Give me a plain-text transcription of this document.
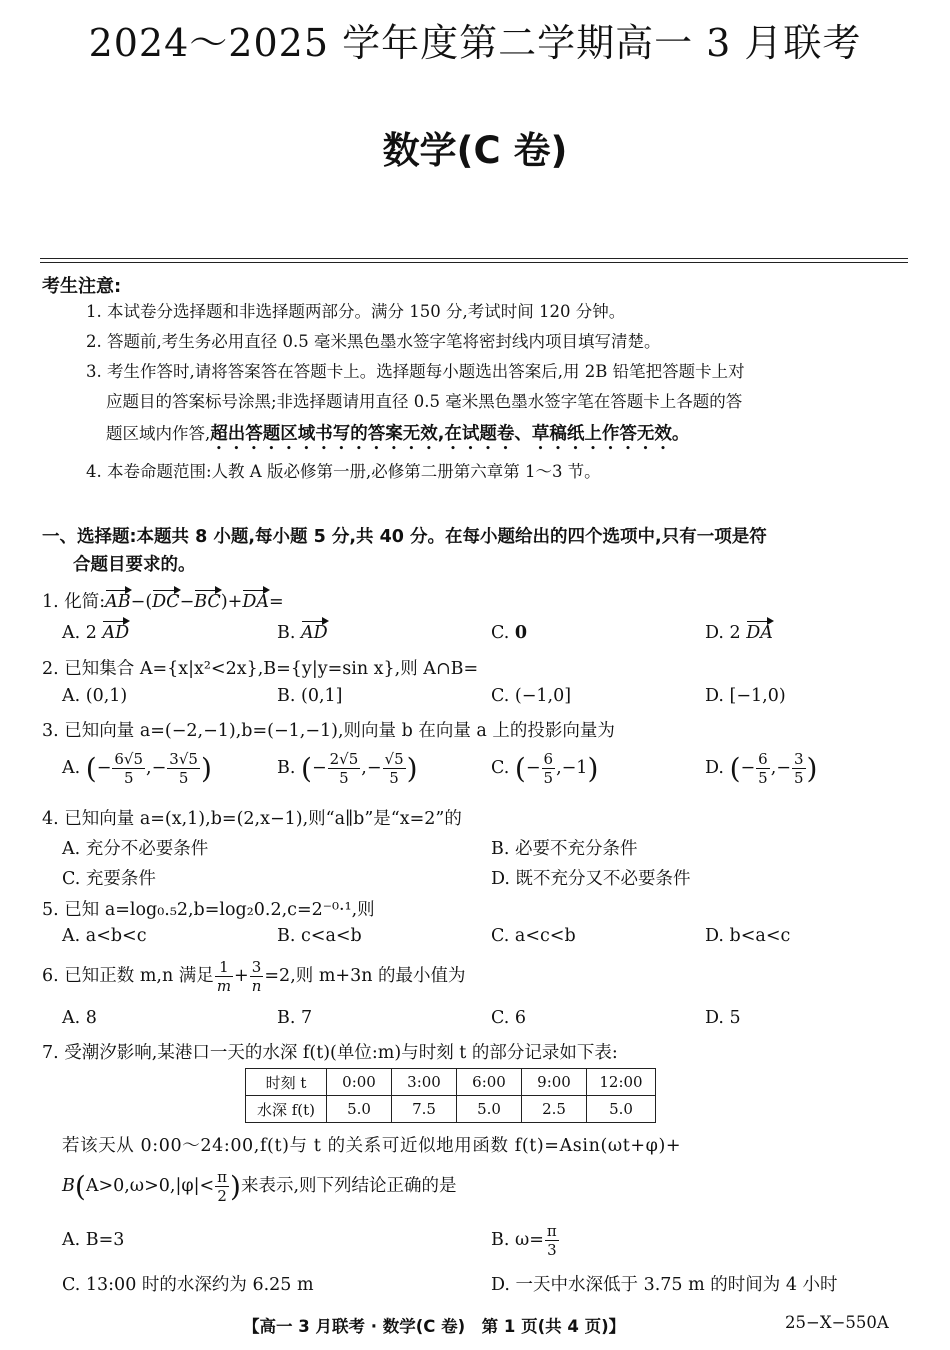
2024～2025 学年度第二学期高一 3 月联考
数学(C 卷)
考生注意:
1. 本试卷分选择题和非选择题两部分。满分 150 分,考试时间 120 分钟。
2. 答题前,考生务必用直径 0.5 毫米黑色墨水签字笔将密封线内项目填写清楚。
3. 考生作答时,请将答案答在答题卡上。选择题每小题选出答案后,用 2B 铅笔把答题卡上对
应题目的答案标号涂黑;非选择题请用直径 0.5 毫米黑色墨水签字笔在答题卡上各题的答
题区域内作答,超出答题区域书写的答案无效,在试题卷、草稿纸上作答无效。
4. 本卷命题范围:人教 A 版必修第一册,必修第二册第六章第 1～3 节。
一、选择题:本题共 8 小题,每小题 5 分,共 40 分。在每小题给出的四个选项中,只有一项是符
合题目要求的。
1. 化简:AB−(DC−BC)+DA=
A. 2 AD	B. AD	C. 0	D. 2 DA
2. 已知集合 A={x|x²<2x},B={y|y=sin x},则 A∩B=
A. (0,1)	B. (0,1]	C. (−1,0]	D. [−1,0)
3. 已知向量 a=(−2,−1),b=(−1,−1),则向量 b 在向量 a 上的投影向量为
A. (− $\frac{6√5}{5}$ ,− $\frac{3√5}{5}$ )	B. (− $\frac{2√5}{5}$ ,− $\frac{√5}{5}$ )	C. (− $\frac{6}{5} ,-1$)	D. (− $\frac{6}{5}$ ,− $\frac{3}{5}$ )
4. 已知向量 a=(x,1),b=(2,x−1),则“a∥b”是“x=2”的
A. 充分不必要条件	B. 必要不充分条件
C. 充要条件	D. 既不充分又不必要条件
5. 已知 a=log₀.₅2,b=log₂0.2,c=2⁻⁰·¹,则
A. a<b<c	B. c<a<b	C. a<c<b	D. b<a<c
6. 已知正数 m,n 满足 $\frac{1}{m} + \frac{3}{n} =2$,则 m+3n 的最小值为
A. 8	B. 7	C. 6	D. 5
7. 受潮汐影响,某港口一天的水深 f(t)(单位:m)与时刻 t 的部分记录如下表:
时刻 t	0:00	3:00	6:00	9:00	12:00
水深 f(t)	5.0	7.5	5.0	2.5	5.0
若该天从 0:00～24:00,f(t)与 t 的关系可近似地用函数 f(t)=Asin(ωt+φ)+
$B(A>0,\omega>0,|\varphi|< \frac{\pi}{2}$ )来表示,则下列结论正确的是
A. B=3	B. $\omega= \frac{\pi}{3}$
C. 13:00 时的水深约为 6.25 m	D. 一天中水深低于 3.75 m 的时间为 4 小时
【高一 3 月联考 · 数学(C 卷)　第 1 页(共 4 页)】	25−X−550A
